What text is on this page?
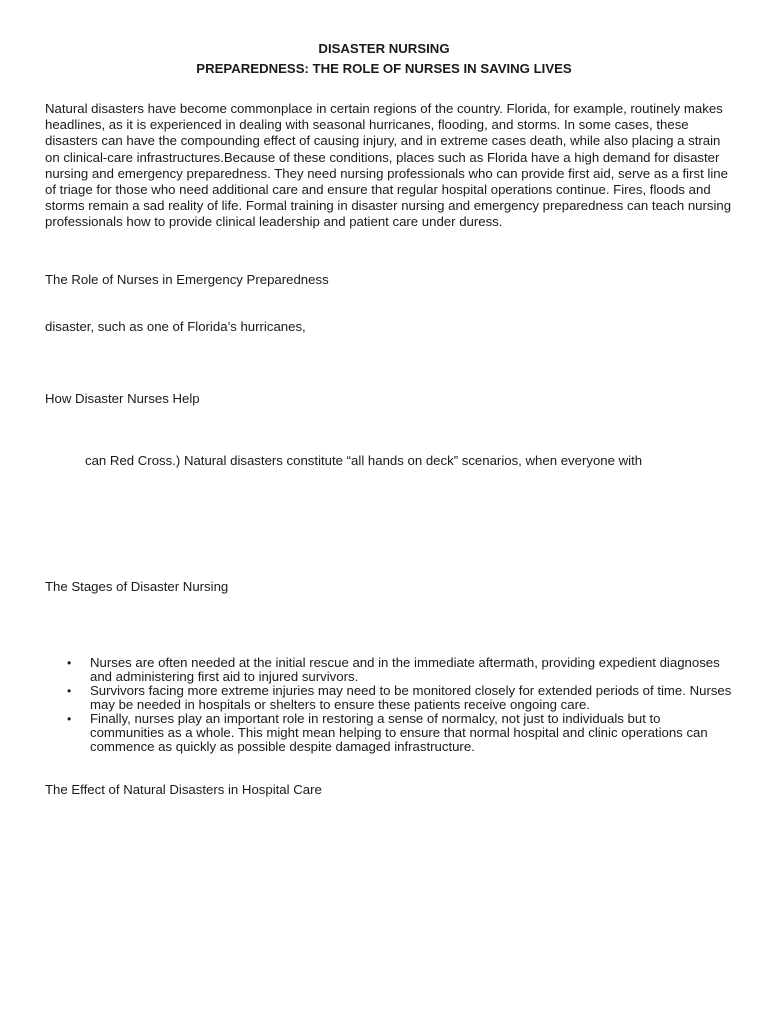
DISASTER NURSING
PREPAREDNESS: THE ROLE OF NURSES IN SAVING LIVES

Natural disasters have become commonplace in certain regions of the country. Florida, for example, routinely makes headlines, as it is experienced in dealing with seasonal hurricanes, flooding, and storms. In some cases, these disasters can have the compounding effect of causing injury, and in extreme cases death, while also placing a strain on clinical-care infrastructures.Because of these conditions, places such as Florida have a high demand for disaster nursing and emergency preparedness. They need nursing professionals who can provide first aid, serve as a first line of triage for those who need additional care and ensure that regular hospital operations continue. Fires, floods and storms remain a sad reality of life. Formal training in disaster nursing and emergency preparedness can teach nursing professionals how to provide clinical leadership and patient care under duress.

The Role of Nurses in Emergency Preparedness

disaster, such as one of Florida’s hurricanes,

How Disaster Nurses Help

can Red Cross.) Natural disasters constitute “all hands on deck” scenarios, when everyone with

The Stages of Disaster Nursing

• Nurses are often needed at the initial rescue and in the immediate aftermath, providing expedient diagnoses and administering first aid to injured survivors.
• Survivors facing more extreme injuries may need to be monitored closely for extended periods of time. Nurses may be needed in hospitals or shelters to ensure these patients receive ongoing care.
• Finally, nurses play an important role in restoring a sense of normalcy, not just to individuals but to communities as a whole. This might mean helping to ensure that normal hospital and clinic operations can commence as quickly as possible despite damaged infrastructure.

The Effect of Natural Disasters in Hospital Care
